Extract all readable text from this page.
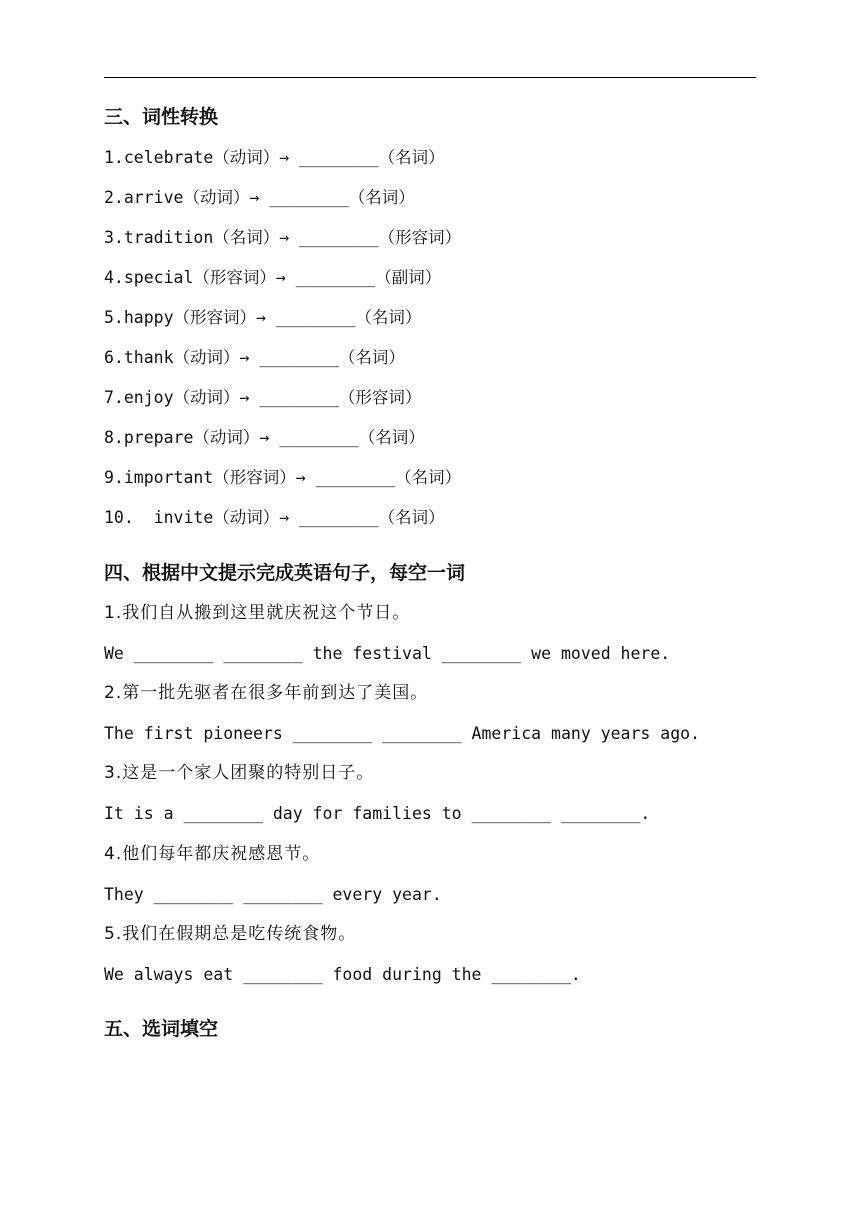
三、词性转换
1.celebrate（动词）→ ________（名词）
2.arrive（动词）→ ________（名词）
3.tradition（名词）→ ________（形容词）
4.special（形容词）→ ________（副词）
5.happy（形容词）→ ________（名词）
6.thank（动词）→ ________（名词）
7.enjoy（动词）→ ________（形容词）
8.prepare（动词）→ ________（名词）
9.important（形容词）→ ________（名词）
10.  invite（动词）→ ________（名词）
四、根据中文提示完成英语句子，每空一词
1.我们自从搬到这里就庆祝这个节日。
We ________ ________ the festival ________ we moved here.
2.第一批先驱者在很多年前到达了美国。
The first pioneers ________ ________ America many years ago.
3.这是一个家人团聚的特别日子。
It is a ________ day for families to ________ ________.
4.他们每年都庆祝感恩节。
They ________ ________ every year.
5.我们在假期总是吃传统食物。
We always eat ________ food during the ________.
五、选词填空
